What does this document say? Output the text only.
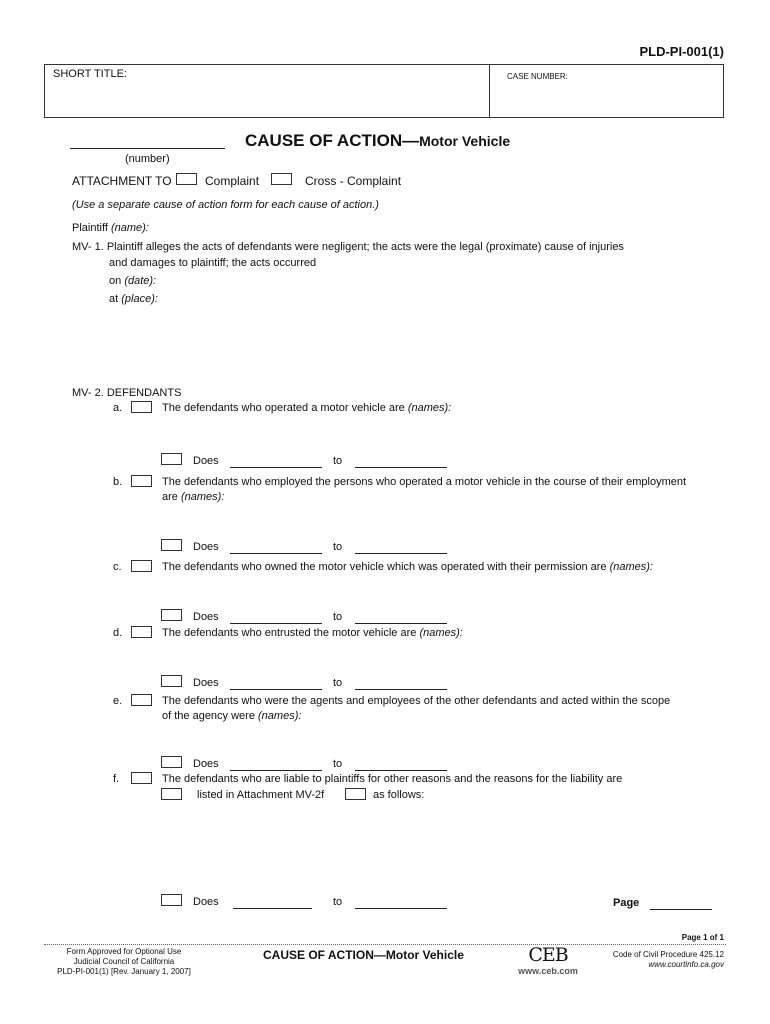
PLD-PI-001(1)
SHORT TITLE:	CASE NUMBER:
(number)
CAUSE OF ACTION—Motor Vehicle
ATTACHMENT TO	Complaint	Cross - Complaint
(Use a separate cause of action form for each cause of action.)
Plaintiff (name):
MV- 1. Plaintiff alleges the acts of defendants were negligent; the acts were the legal (proximate) cause of injuries
and damages to plaintiff; the acts occurred
on (date):
at (place):
MV- 2. DEFENDANTS
a.	The defendants who operated a motor vehicle are (names):
Does	to
b.	The defendants who employed the persons who operated a motor vehicle in the course of their employment
are (names):
Does	to
c.	The defendants who owned the motor vehicle which was operated with their permission are (names):
Does	to
d.	The defendants who entrusted the motor vehicle are (names):
Does	to
e.	The defendants who were the agents and employees of the other defendants and acted within the scope
of the agency were (names):
Does	to
f.	The defendants who are liable to plaintiffs for other reasons and the reasons for the liability are
listed in Attachment MV-2f	as follows:
Does	to	Page
Page 1 of 1
Form Approved for Optional Use
Judicial Council of California
PLD-PI-001(1) [Rev. January 1, 2007]
CAUSE OF ACTION—Motor Vehicle	CEB
www.ceb.com
Code of Civil Procedure 425.12
www.courtinfo.ca.gov
